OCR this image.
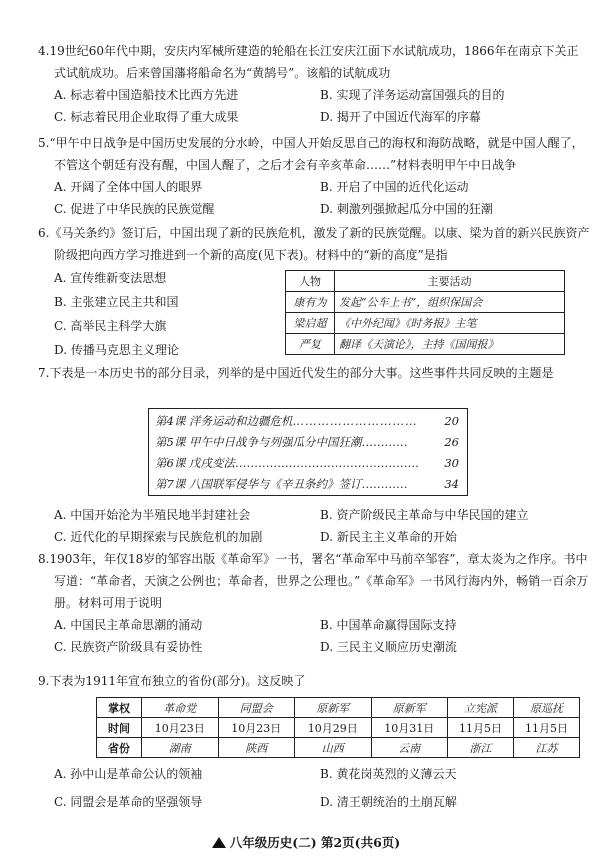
4.19世纪60年代中期，安庆内军械所建造的轮船在长江安庆江面下水试航成功，1866年在南京下关正式试航成功。后来曾国藩将船命名为“黄鹄号”。该船的试航成功

A. 标志着中国造船技术比西方先进	B. 实现了洋务运动富国强兵的目的
C. 标志着民用企业取得了重大成果	D. 揭开了中国近代海军的序幕

5.“甲午中日战争是中国历史发展的分水岭，中国人开始反思自己的海权和海防战略，就是中国人醒了，不管这个朝廷有没有醒，中国人醒了，之后才会有辛亥革命……”材料表明甲午中日战争

A. 开阔了全体中国人的眼界	B. 开启了中国的近代化运动
C. 促进了中华民族的民族觉醒	D. 刺激列强掀起瓜分中国的狂潮

6.《马关条约》签订后，中国出现了新的民族危机，激发了新的民族觉醒。以康、梁为首的新兴民族资产阶级把向西方学习推进到一个新的高度(见下表)。材料中的“新的高度”是指

A. 宣传维新变法思想
B. 主张建立民主共和国
C. 高举民主科学大旗
D. 传播马克思主义理论
人物	主要活动
康有为	发起“公车上书”，组织保国会
梁启超	《中外纪闻》《时务报》主笔
严复	翻译《天演论》，主持《国闻报》

7.下表是一本历史书的部分目录，列举的是中国近代发生的部分大事。这些事件共同反映的主题是

第4课 洋务运动和边疆危机………………………… 20
第5课 甲午中日战争与列强瓜分中国狂潮…………	26
第6课 戊戌变法………………………………………… 30
第7课 八国联军侵华与《辛丑条约》签订…………	34
A. 中国开始沦为半殖民地半封建社会	B. 资产阶级民主革命与中华民国的建立
C. 近代化的早期探索与民族危机的加剧	D. 新民主主义革命的开始

8.1903年，年仅18岁的邹容出版《革命军》一书，署名“革命军中马前卒邹容”，章太炎为之作序。书中写道：“革命者，天演之公例也；革命者，世界之公理也。”《革命军》一书风行海内外，畅销一百余万册。材料可用于说明

A. 中国民主革命思潮的涌动	B. 中国革命赢得国际支持
C. 民族资产阶级具有妥协性	D. 三民主义顺应历史潮流

9.下表为1911年宣布独立的省份(部分)。这反映了

掌权	革命党	同盟会	原新军	原新军	立宪派	原巡抚
时间	10月23日	10月23日	10月29日	10月31日	11月5日	11月5日
省份	湖南	陕西	山西	云南	浙江	江苏
A. 孙中山是革命公认的领袖	B. 黄花岗英烈的义薄云天
C. 同盟会是革命的坚强领导	D. 清王朝统治的土崩瓦解
八年级历史(二) 第2页(共6页)
